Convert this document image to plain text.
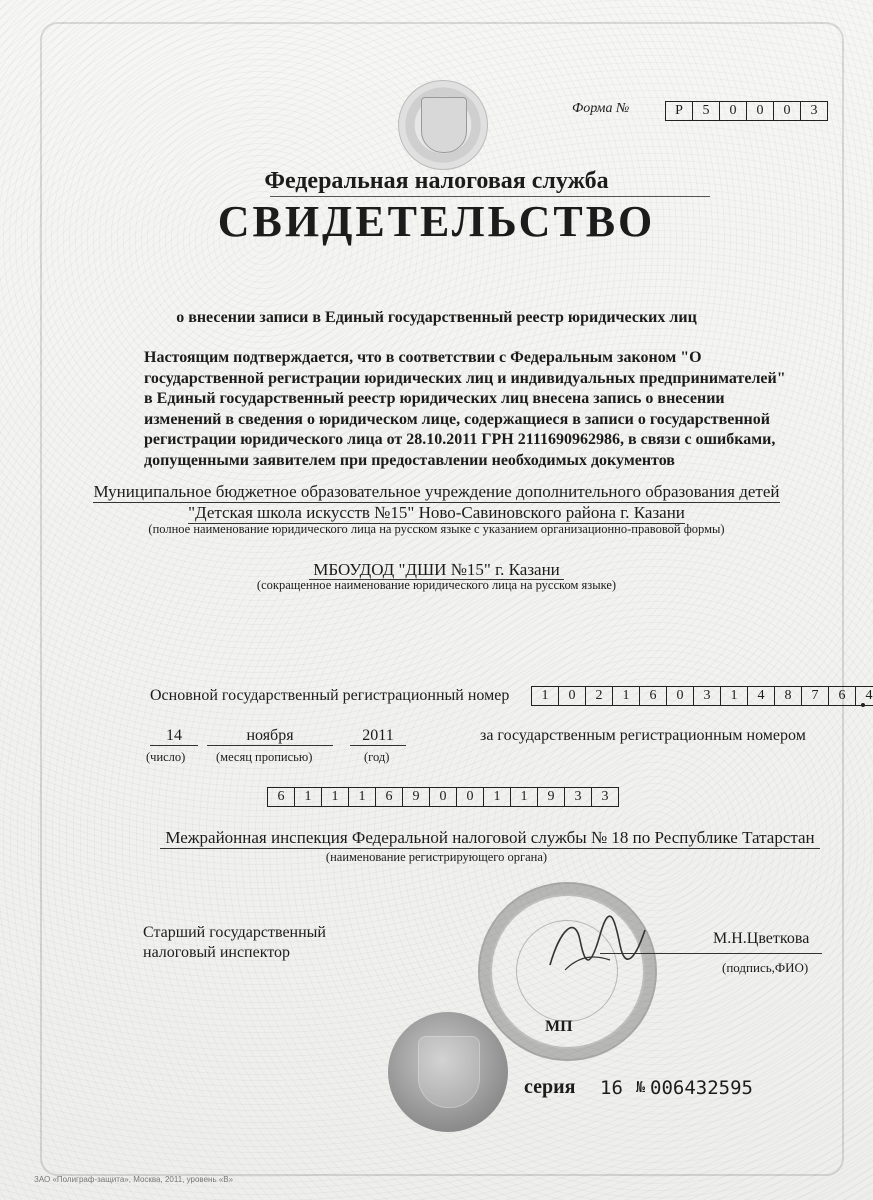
Форма №	Р	5	0	0	0	3
Федеральная налоговая служба
СВИДЕТЕЛЬСТВО
о внесении записи в Единый государственный реестр юридических лиц
Настоящим подтверждается, что в соответствии с Федеральным законом "О
государственной регистрации юридических лиц и индивидуальных предпринимателей"
в Единый государственный реестр юридических лиц внесена запись о внесении
изменений в сведения о юридическом лице, содержащиеся в записи о государственной
регистрации юридического лица от 28.10.2011 ГРН 2111690962986, в связи с ошибками,
допущенными заявителем при предоставлении необходимых документов
Муниципальное бюджетное образовательное учреждение дополнительного образования детей
"Детская школа искусств №15" Ново-Савиновского района г. Казани
(полное наименование юридического лица на русском языке с указанием организационно-правовой формы)
МБОУДОД "ДШИ №15" г. Казани
(сокращенное наименование юридического лица на русском языке)
Основной государственный регистрационный номер	1	0	2	1	6	0	3	1	4	8	7	6	4
14	ноября	2011	за государственным регистрационным номером
(число) (месяц прописью)	(год)
6	1	1	1	6	9	0	0	1	1	9	3	3
Межрайонная инспекция Федеральной налоговой службы № 18 по Республике Татарстан
(наименование регистрирующего органа)
Старший государственный
налоговый инспектор
М.Н.Цветкова
(подпись,ФИО)
МП
серия 16 № 006432595
ЗАО «Полиграф-защита», Москва, 2011, уровень «В»
